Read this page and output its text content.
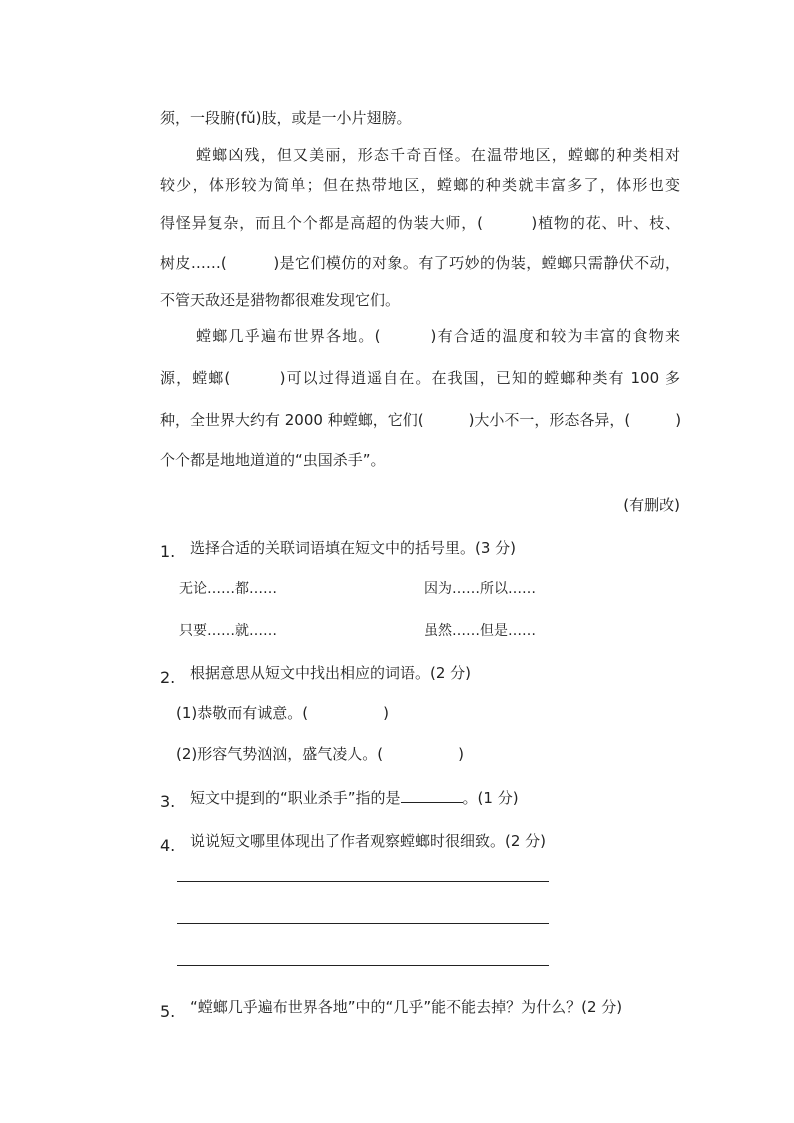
须，一段腑(fǔ)肢，或是一小片翅膀。
螳螂凶残，但又美丽，形态千奇百怪。在温带地区，螳螂的种类相对
较少，体形较为简单；但在热带地区，螳螂的种类就丰富多了，体形也变
得怪异复杂，而且个个都是高超的伪装大师，(　　　)植物的花、叶、枝、
树皮……(　　　)是它们模仿的对象。有了巧妙的伪装，螳螂只需静伏不动，
不管天敌还是猎物都很难发现它们。
螳螂几乎遍布世界各地。(　　　)有合适的温度和较为丰富的食物来
源，螳螂(　　　)可以过得逍遥自在。在我国，已知的螳螂种类有 100 多
种，全世界大约有 2000 种螳螂，它们(　　　)大小不一，形态各异，(　　　)
个个都是地地道道的“虫国杀手”。
(有删改)
1. 选择合适的关联词语填在短文中的括号里。(3 分)
无论……都……	因为……所以……
只要……就……	虽然……但是……
2. 根据意思从短文中找出相应的词语。(2 分)
(1)恭敬而有诚意。(　　　　　)
(2)形容气势汹汹，盛气凌人。(　　　　　)
3. 短文中提到的“职业杀手”指的是	。(1 分)
4. 说说短文哪里体现出了作者观察螳螂时很细致。(2 分)
5. “螳螂几乎遍布世界各地”中的“几乎”能不能去掉？为什么？(2 分)
